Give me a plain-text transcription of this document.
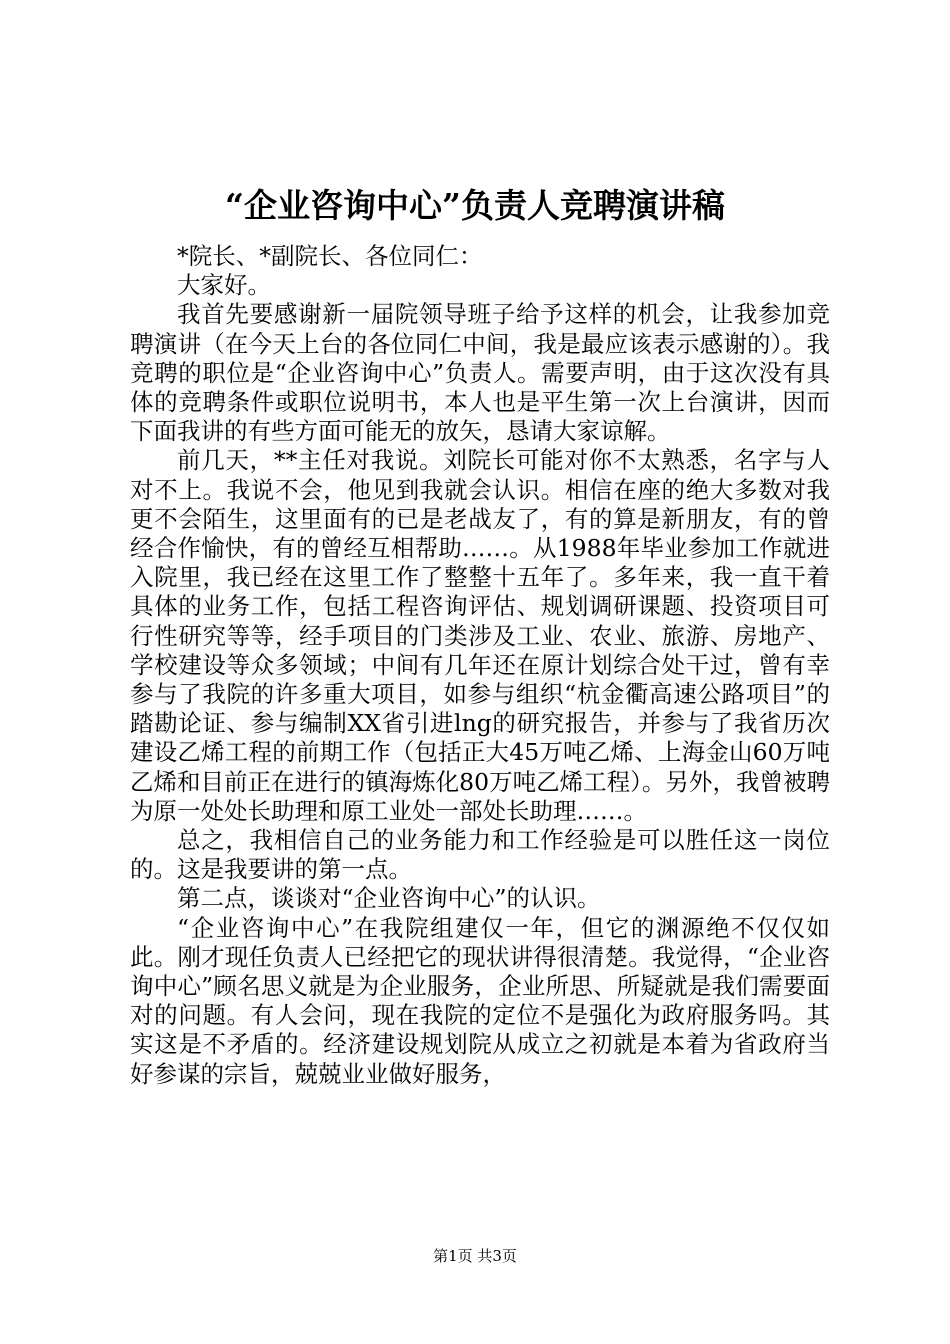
“企业咨询中心”负责人竞聘演讲稿

*院长、*副院长、各位同仁：

大家好。

我首先要感谢新一届院领导班子给予这样的机会，让我参加竞聘演讲（在今天上台的各位同仁中间，我是最应该表示感谢的）。我竞聘的职位是“企业咨询中心”负责人。需要声明，由于这次没有具体的竞聘条件或职位说明书，本人也是平生第一次上台演讲，因而下面我讲的有些方面可能无的放矢，恳请大家谅解。

前几天，**主任对我说。刘院长可能对你不太熟悉，名字与人对不上。我说不会，他见到我就会认识。相信在座的绝大多数对我更不会陌生，这里面有的已是老战友了，有的算是新朋友，有的曾经合作愉快，有的曾经互相帮助……。从1988年毕业参加工作就进入院里，我已经在这里工作了整整十五年了。多年来，我一直干着具体的业务工作，包括工程咨询评估、规划调研课题、投资项目可行性研究等等，经手项目的门类涉及工业、农业、旅游、房地产、学校建设等众多领域；中间有几年还在原计划综合处干过，曾有幸参与了我院的许多重大项目，如参与组织“杭金衢高速公路项目”的踏勘论证、参与编制XX省引进lng的研究报告，并参与了我省历次建设乙烯工程的前期工作（包括正大45万吨乙烯、上海金山60万吨乙烯和目前正在进行的镇海炼化80万吨乙烯工程）。另外，我曾被聘为原一处处长助理和原工业处一部处长助理……。

总之，我相信自己的业务能力和工作经验是可以胜任这一岗位的。这是我要讲的第一点。

第二点，谈谈对“企业咨询中心”的认识。

“企业咨询中心”在我院组建仅一年，但它的渊源绝不仅仅如此。刚才现任负责人已经把它的现状讲得很清楚。我觉得，“企业咨询中心”顾名思义就是为企业服务，企业所思、所疑就是我们需要面对的问题。有人会问，现在我院的定位不是强化为政府服务吗。其实这是不矛盾的。经济建设规划院从成立之初就是本着为省政府当好参谋的宗旨，兢兢业业做好服务，

第1页 共3页
